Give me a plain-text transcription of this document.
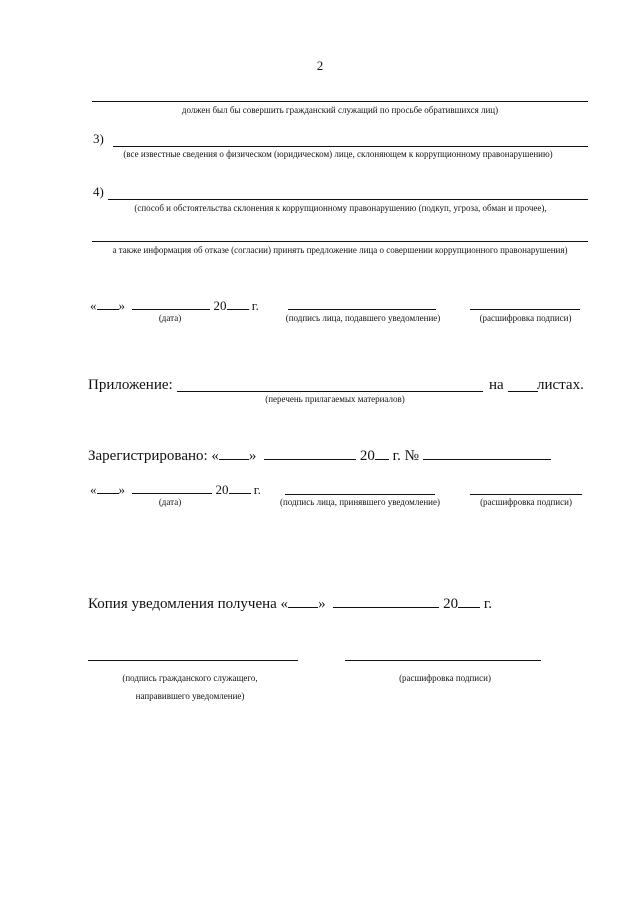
2
должен был бы совершить гражданский служащий по просьбе обратившихся лиц)
3)
(все известные сведения о физическом (юридическом) лице, склоняющем к коррупционному правонарушению)
4)
(способ и обстоятельства склонения к коррупционному правонарушению (подкуп, угроза, обман и прочее),
а также информация об отказе (согласии) принять предложение лица о совершении коррупционного правонарушения)
« »	20 г.
(дата)	(подпись лица, подавшего уведомление)	(расшифровка подписи)
Приложение:	на листах.
(перечень прилагаемых материалов)
Зарегистрировано: « »	20 г. №
« »	20 г.
(дата)	(подпись лица, принявшего уведомление)	(расшифровка подписи)
Копия уведомления получена « »	20 г.
(подпись гражданского служащего,
направившего уведомление)
(расшифровка подписи)
